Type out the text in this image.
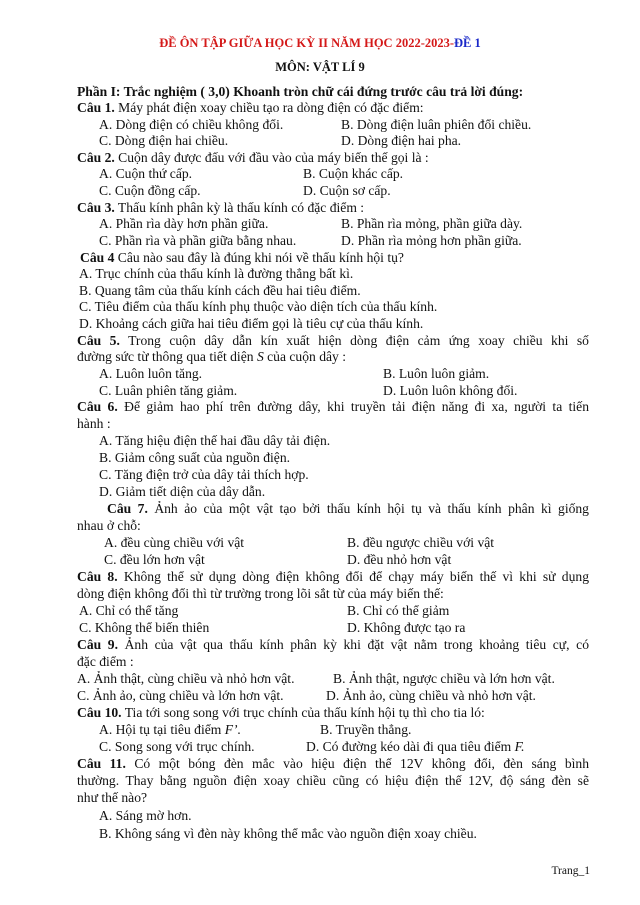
ĐỀ ÔN TẬP GIỮA HỌC KỲ II NĂM HỌC 2022-2023-ĐỀ 1
MÔN: VẬT LÍ 9
Phần I: Trắc nghiệm ( 3,0) Khoanh tròn chữ cái đứng trước câu trả lời đúng:
Câu 1. Máy phát điện xoay chiều tạo ra dòng điện có đặc điểm:
A. Dòng điện có chiều không đổi.	B. Dòng điện luân phiên đổi chiều.
C. Dòng điện hai chiều.	D. Dòng điện hai pha.
Câu 2. Cuộn dây được đấu với đầu vào của máy biến thế gọi là :
A. Cuộn thứ cấp.	B. Cuộn khác cấp.
C. Cuộn đồng cấp.	D. Cuộn sơ cấp.
Câu 3. Thấu kính phân kỳ là thấu kính có đặc điểm :
A. Phần rìa dày hơn phần giữa.	B. Phần rìa mỏng, phần giữa dày.
C. Phần rìa và phần giữa bằng nhau.	D. Phần rìa mỏng hơn phần giữa.
Câu 4 Câu nào sau đây là đúng khi nói về thấu kính hội tụ?
A. Trục chính của thấu kính là đường thẳng bất kì.
B. Quang tâm của thấu kính cách đều hai tiêu điểm.
C. Tiêu điểm của thấu kính phụ thuộc vào diện tích của thấu kính.
D. Khoảng cách giữa hai tiêu điểm gọi là tiêu cự của thấu kính.
Câu 5. Trong cuộn dây dẫn kín xuất hiện dòng điện cảm ứng xoay chiều khi số
đường sức từ thông qua tiết diện S của cuộn dây :
A. Luôn luôn tăng.	B. Luôn luôn giảm.
C. Luân phiên tăng giảm.	D. Luôn luôn không đổi.
Câu 6. Để giảm hao phí trên đường dây, khi truyền tải điện năng đi xa, người ta tiến
hành :
A. Tăng hiệu điện thế hai đầu dây tải điện.
B. Giảm công suất của nguồn điện.
C. Tăng điện trở của dây tải thích hợp.
D. Giảm tiết diện của dây dẫn.
Câu 7. Ảnh ảo của một vật tạo bởi thấu kính hội tụ và thấu kính phân kì giống
nhau ở chỗ:
A. đều cùng chiều với vật	B. đều ngược chiều với vật
C. đều lớn hơn vật	D. đều nhỏ hơn vật
Câu 8. Không thể sử dụng dòng điện không đổi để chạy máy biến thế vì khi sử dụng
dòng điện không đổi thì từ trường trong lõi sắt từ của máy biến thế:
A. Chỉ có thể tăng	B. Chỉ có thể giảm
C. Không thể biến thiên	D. Không được tạo ra
Câu 9. Ảnh của vật qua thấu kính phân kỳ khi đặt vật nằm trong khoảng tiêu cự, có
đặc điểm :
A. Ảnh thật, cùng chiều và nhỏ hơn vật.	B. Ảnh thật, ngược chiều và lớn hơn vật.
C. Ảnh ảo, cùng chiều và lớn hơn vật.	D. Ảnh ảo, cùng chiều và nhỏ hơn vật.
Câu 10. Tia tới song song với trục chính của thấu kính hội tụ thì cho tia ló:
A. Hội tụ tại tiêu điểm F’.	B. Truyền thẳng.
C. Song song với trục chính.	D. Có đường kéo dài đi qua tiêu điểm F.
Câu 11. Có một bóng đèn mắc vào hiệu điện thế 12V không đổi, đèn sáng bình
thường. Thay bằng nguồn điện xoay chiều cũng có hiệu điện thế 12V, độ sáng đèn sẽ
như thế nào?
A. Sáng mờ hơn.
B. Không sáng vì đèn này không thể mắc vào nguồn điện xoay chiều.
Trang_1
